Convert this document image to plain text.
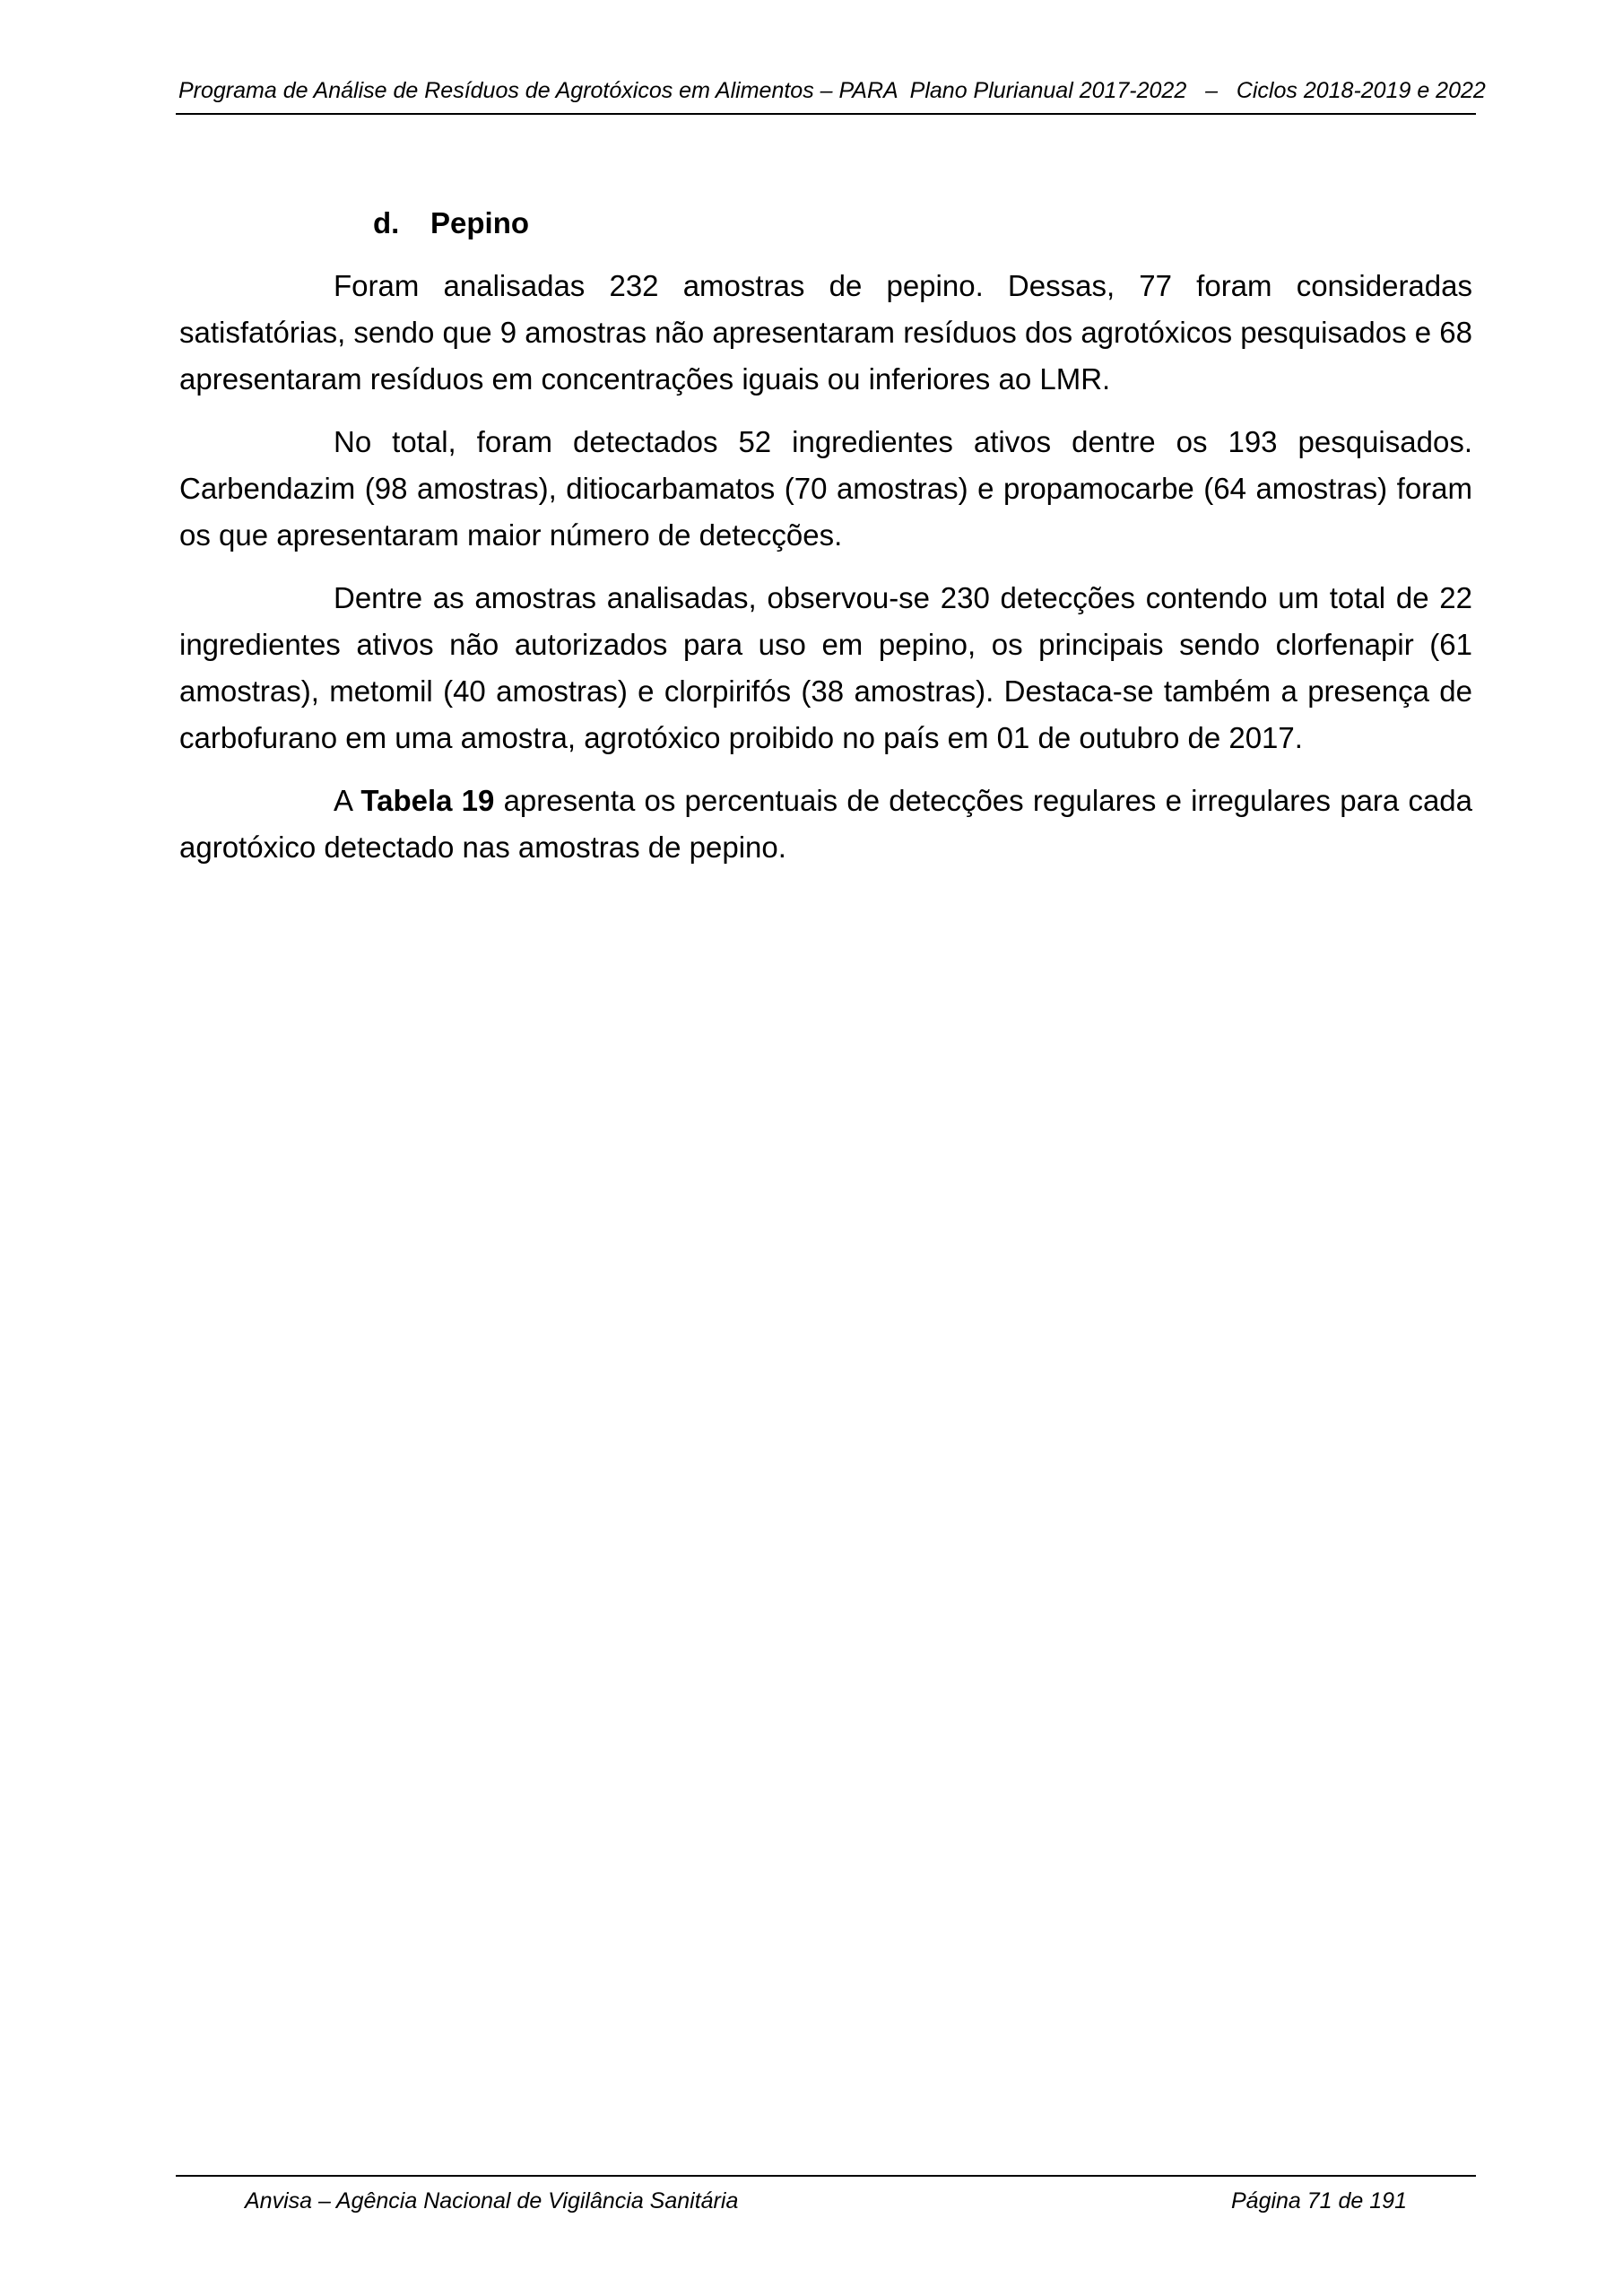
Programa de Análise de Resíduos de Agrotóxicos em Alimentos – PARA  Plano Plurianual 2017-2022   –   Ciclos 2018-2019 e 2022
d. Pepino

Foram analisadas 232 amostras de pepino. Dessas, 77 foram consideradas satisfatórias, sendo que 9 amostras não apresentaram resíduos dos agrotóxicos pesquisados e 68 apresentaram resíduos em concentrações iguais ou inferiores ao LMR.

No total, foram detectados 52 ingredientes ativos dentre os 193 pesquisados. Carbendazim (98 amostras), ditiocarbamatos (70 amostras) e propamocarbe (64 amostras) foram os que apresentaram maior número de detecções.

Dentre as amostras analisadas, observou-se 230 detecções contendo um total de 22 ingredientes ativos não autorizados para uso em pepino, os principais sendo clorfenapir (61 amostras), metomil (40 amostras) e clorpirifós (38 amostras). Destaca-se também a presença de carbofurano em uma amostra, agrotóxico proibido no país em 01 de outubro de 2017.

A Tabela 19 apresenta os percentuais de detecções regulares e irregulares para cada agrotóxico detectado nas amostras de pepino.

Anvisa – Agência Nacional de Vigilância Sanitária	Página 71 de 191
